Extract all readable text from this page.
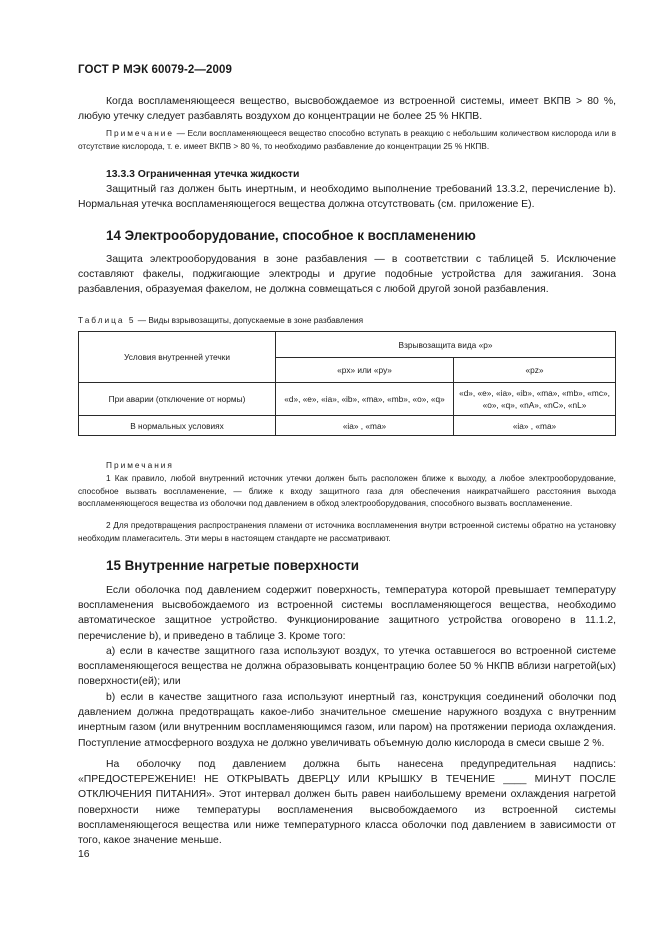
ГОСТ Р МЭК 60079-2—2009

Когда воспламеняющееся вещество, высвобождаемое из встроенной системы, имеет ВКПВ > 80 %, любую утечку следует разбавлять воздухом до концентрации не более 25 % НКПВ.

Примечание — Если воспламеняющееся вещество способно вступать в реакцию с небольшим количеством кислорода или в отсутствие кислорода, т. е. имеет ВКПВ > 80 %, то необходимо разбавление до концентрации 25 % НКПВ.

13.3.3 Ограниченная утечка жидкости

Защитный газ должен быть инертным, и необходимо выполнение требований 13.3.2, перечисление b). Нормальная утечка воспламеняющегося вещества должна отсутствовать (см. приложение Е).

14 Электрооборудование, способное к воспламенению

Защита электрооборудования в зоне разбавления — в соответствии с таблицей 5. Исключение составляют факелы, поджигающие электроды и другие подобные устройства для зажигания. Зона разбавления, образуемая факелом, не должна совмещаться с любой другой зоной разбавления.

Таблица 5 — Виды взрывозащиты, допускаемые в зоне разбавления
Условия внутренней утечки	Взрывозащита вида «р»	
	«px» или «py»	«pz»
При аварии (отключение от нормы)	«d», «e», «ia», «ib», «ma», «mb», «o», «q»	«d», «e», «ia», «ib», «ma», «mb», «mc», «o», «q», «nA», «nC», «nL»
В нормальных условиях	«ia» , «ma»	«ia» , «ma»
Примечания

1 Как правило, любой внутренний источник утечки должен быть расположен ближе к выходу, а любое электрооборудование, способное вызвать воспламенение, — ближе к входу защитного газа для обеспечения наикратчайшего расстояния выхода воспламеняющегося вещества из оболочки под давлением в обход электрооборудования, способного вызвать воспламенение.

2 Для предотвращения распространения пламени от источника воспламенения внутри встроенной системы обратно на установку необходим пламегаситель. Эти меры в настоящем стандарте не рассматривают.

15 Внутренние нагретые поверхности

Если оболочка под давлением содержит поверхность, температура которой превышает температуру воспламенения высвобождаемого из встроенной системы воспламеняющегося вещества, необходимо автоматическое защитное устройство. Функционирование защитного устройства оговорено в 11.1.2, перечисление b), и приведено в таблице 3. Кроме того:

a) если в качестве защитного газа используют воздух, то утечка оставшегося во встроенной системе воспламеняющегося вещества не должна образовывать концентрацию более 50 % НКПВ вблизи нагретой(ых) поверхности(ей); или

b) если в качестве защитного газа используют инертный газ, конструкция соединений оболочки под давлением должна предотвращать какое-либо значительное смешение наружного воздуха с внутренним инертным газом (или внутренним воспламеняющимся газом, или паром) на протяжении периода охлаждения. Поступление атмосферного воздуха не должно увеличивать объемную долю кислорода в смеси свыше 2 %.

На оболочку под давлением должна быть нанесена предупредительная надпись: «ПРЕДОСТЕРЕЖЕНИЕ! НЕ ОТКРЫВАТЬ ДВЕРЦУ ИЛИ КРЫШКУ В ТЕЧЕНИЕ ____ МИНУТ ПОСЛЕ ОТКЛЮЧЕНИЯ ПИТАНИЯ». Этот интервал должен быть равен наибольшему времени охлаждения нагретой поверхности ниже температуры воспламенения высвобождаемого из встроенной системы воспламеняющегося вещества или ниже температурного класса оболочки под давлением в зависимости от того, какое значение меньше.

16
